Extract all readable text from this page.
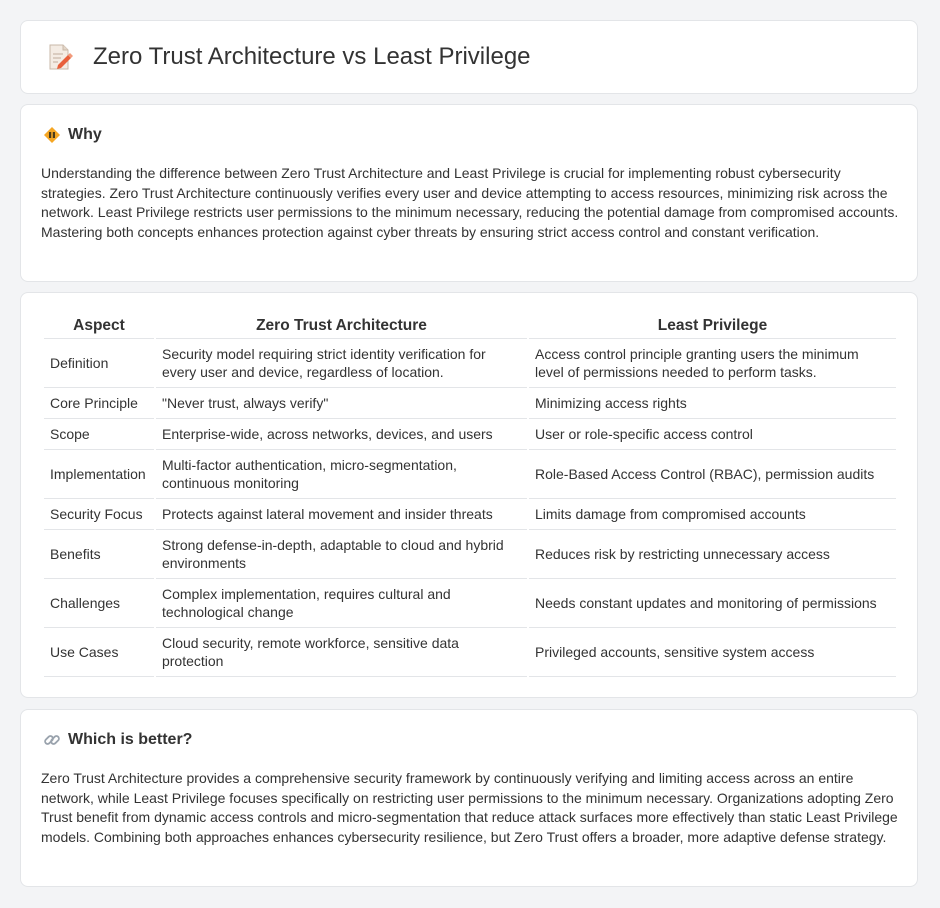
Zero Trust Architecture vs Least Privilege
Why
Understanding the difference between Zero Trust Architecture and Least Privilege is crucial for implementing robust cybersecurity strategies. Zero Trust Architecture continuously verifies every user and device attempting to access resources, minimizing risk across the network. Least Privilege restricts user permissions to the minimum necessary, reducing the potential damage from compromised accounts. Mastering both concepts enhances protection against cyber threats by ensuring strict access control and constant verification.
Aspect	Zero Trust Architecture	Least Privilege
Definition	Security model requiring strict identity verification for every user and device, regardless of location.	Access control principle granting users the minimum level of permissions needed to perform tasks.
Core Principle	"Never trust, always verify"	Minimizing access rights
Scope	Enterprise-wide, across networks, devices, and users	User or role-specific access control
Implementation	Multi-factor authentication, micro-segmentation, continuous monitoring	Role-Based Access Control (RBAC), permission audits
Security Focus	Protects against lateral movement and insider threats	Limits damage from compromised accounts
Benefits	Strong defense-in-depth, adaptable to cloud and hybrid environments	Reduces risk by restricting unnecessary access
Challenges	Complex implementation, requires cultural and technological change	Needs constant updates and monitoring of permissions
Use Cases	Cloud security, remote workforce, sensitive data protection	Privileged accounts, sensitive system access
Which is better?
Zero Trust Architecture provides a comprehensive security framework by continuously verifying and limiting access across an entire network, while Least Privilege focuses specifically on restricting user permissions to the minimum necessary. Organizations adopting Zero Trust benefit from dynamic access controls and micro-segmentation that reduce attack surfaces more effectively than static Least Privilege models. Combining both approaches enhances cybersecurity resilience, but Zero Trust offers a broader, more adaptive defense strategy.
